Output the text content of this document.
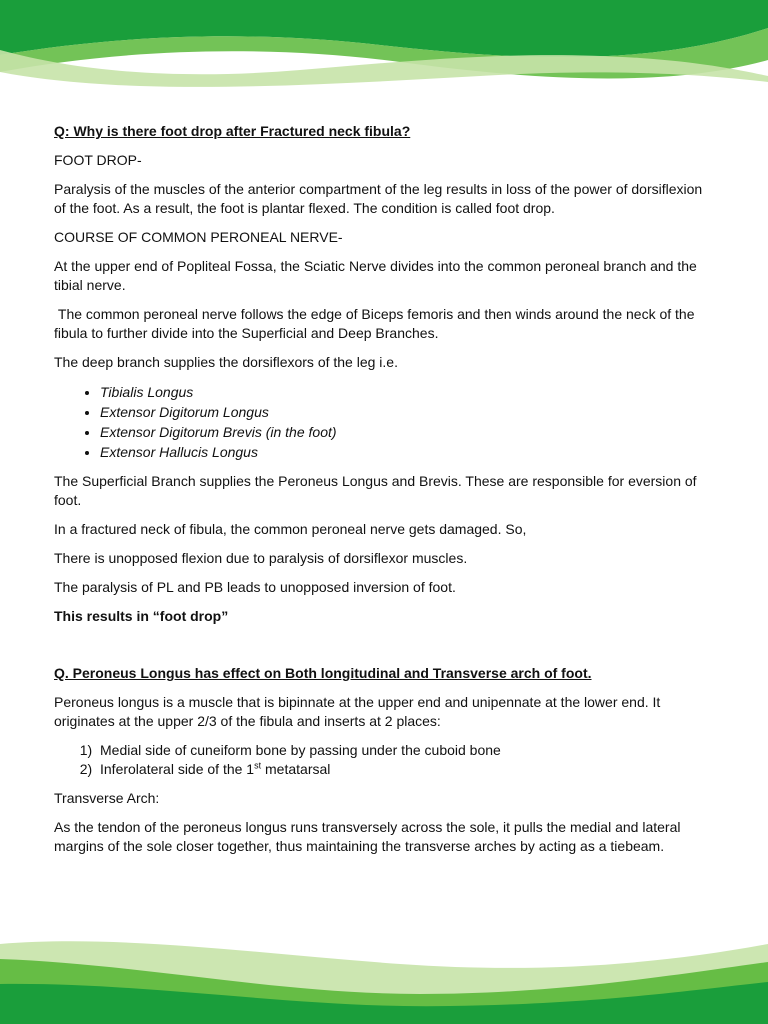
Q: Why is there foot drop after Fractured neck fibula?

FOOT DROP-

Paralysis of the muscles of the anterior compartment of the leg results in loss of the power of dorsiflexion of the foot. As a result, the foot is plantar flexed. The condition is called foot drop.

COURSE OF COMMON PERONEAL NERVE-

At the upper end of Popliteal Fossa, the Sciatic Nerve divides into the common peroneal branch and the tibial nerve.

The common peroneal nerve follows the edge of Biceps femoris and then winds around the neck of the fibula to further divide into the Superficial and Deep Branches.

The deep branch supplies the dorsiflexors of the leg i.e.

• Tibialis Longus
• Extensor Digitorum Longus
• Extensor Digitorum Brevis (in the foot)
• Extensor Hallucis Longus

The Superficial Branch supplies the Peroneus Longus and Brevis. These are responsible for eversion of foot.

In a fractured neck of fibula, the common peroneal nerve gets damaged. So,

There is unopposed flexion due to paralysis of dorsiflexor muscles.

The paralysis of PL and PB leads to unopposed inversion of foot.

This results in “foot drop”

Q. Peroneus Longus has effect on Both longitudinal and Transverse arch of foot.

Peroneus longus is a muscle that is bipinnate at the upper end and unipennate at the lower end. It originates at the upper 2/3 of the fibula and inserts at 2 places:

1. Medial side of cuneiform bone by passing under the cuboid bone
2. Inferolateral side of the 1st metatarsal

Transverse Arch:

As the tendon of the peroneus longus runs transversely across the sole, it pulls the medial and lateral margins of the sole closer together, thus maintaining the transverse arches by acting as a tiebeam.
